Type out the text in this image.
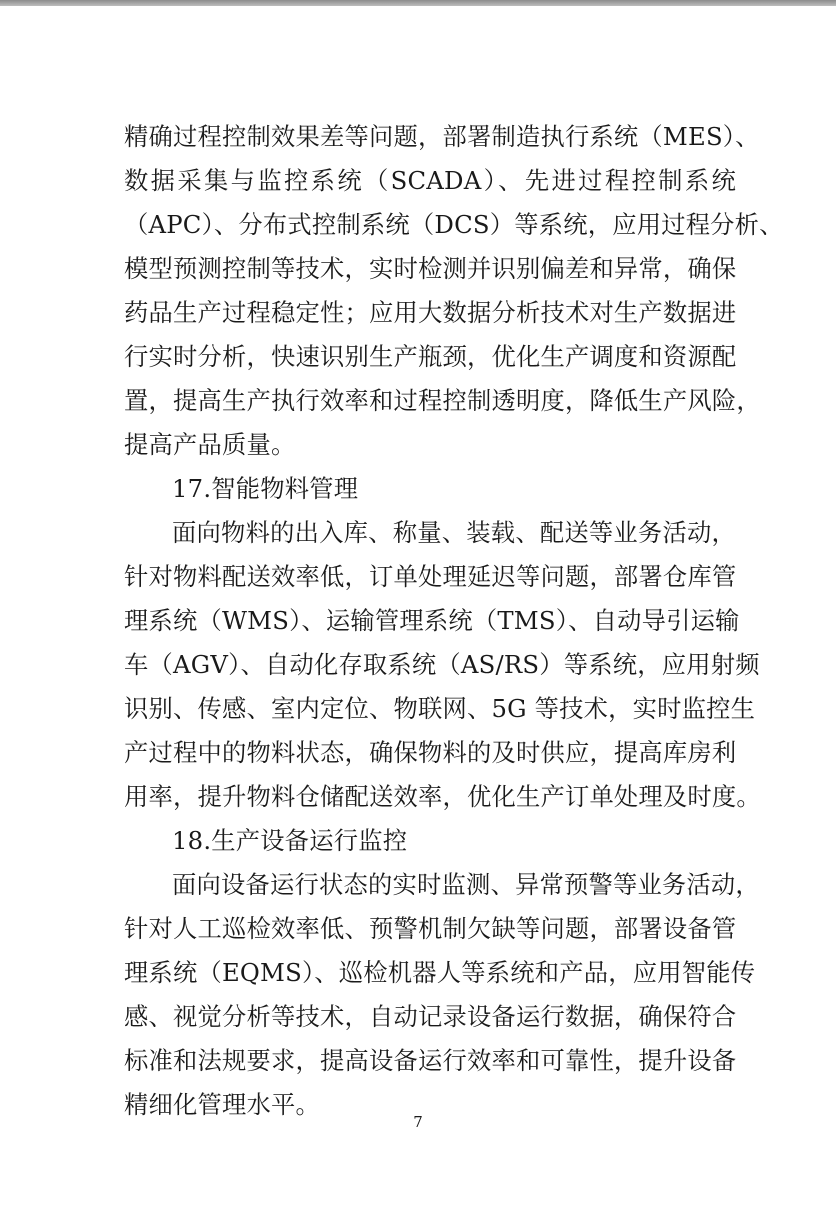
精确过程控制效果差等问题，部署制造执行系统（MES）、
数据采集与监控系统（SCADA）、先进过程控制系统
（APC）、分布式控制系统（DCS）等系统，应用过程分析、
模型预测控制等技术，实时检测并识别偏差和异常，确保
药品生产过程稳定性；应用大数据分析技术对生产数据进
行实时分析，快速识别生产瓶颈，优化生产调度和资源配
置，提高生产执行效率和过程控制透明度，降低生产风险，
提高产品质量。
17.智能物料管理
面向物料的出入库、称量、装载、配送等业务活动，
针对物料配送效率低，订单处理延迟等问题，部署仓库管
理系统（WMS）、运输管理系统（TMS）、自动导引运输
车（AGV）、自动化存取系统（AS/RS）等系统，应用射频
识别、传感、室内定位、物联网、5G 等技术，实时监控生
产过程中的物料状态，确保物料的及时供应，提高库房利
用率，提升物料仓储配送效率，优化生产订单处理及时度。
18.生产设备运行监控
面向设备运行状态的实时监测、异常预警等业务活动，
针对人工巡检效率低、预警机制欠缺等问题，部署设备管
理系统（EQMS）、巡检机器人等系统和产品，应用智能传
感、视觉分析等技术，自动记录设备运行数据，确保符合
标准和法规要求，提高设备运行效率和可靠性，提升设备
精细化管理水平。
7
